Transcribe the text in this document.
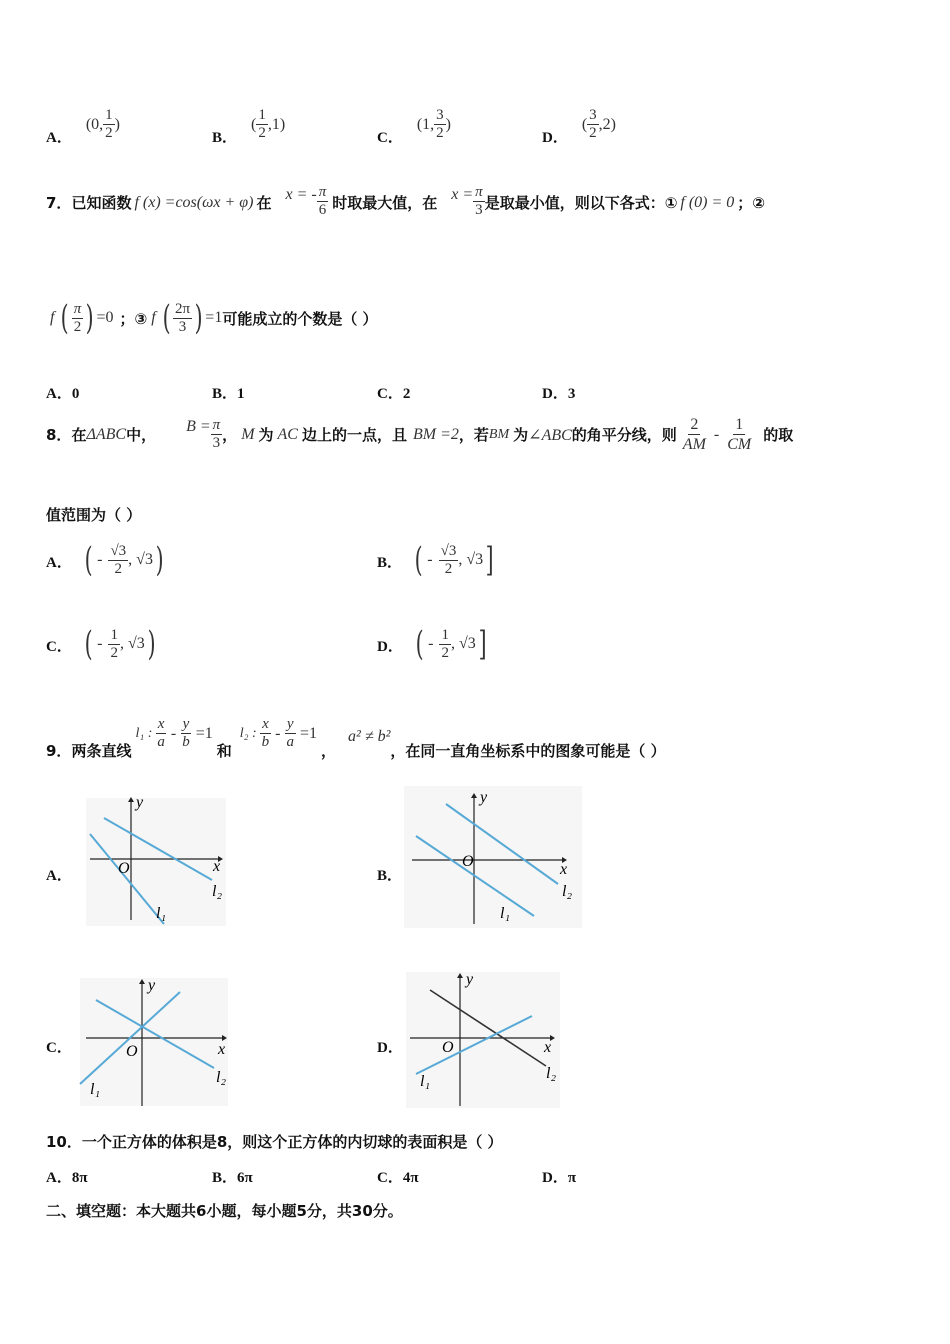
A．
(0, $\frac{1}{2}$ )
B．
( $\frac{1}{2} ,1$)
C．
(1, $\frac{3}{2}$ )
D．
( $\frac{3}{2} ,2$)
7． 已知函数 f (x) =cos(ωx + φ) 在 x = - $\frac{\pi}{6}$ 时取最大值，在 $x = \frac{\pi}{3}$ 是取最小值，则以下各式：① f (0) = 0 ；②
f ( $\frac{\pi}{2}$ ) =0 ；③ f ( $\frac{2\pi}{3}$ ) =1 可能成立的个数是（ ）
A．0	B．1	C．2	D．3
8． 在 ΔABC 中， $B = \frac{\pi}{3}$ ， M 为 AC 边上的一点，且 BM =2 ，若 BM 为 ∠ABC 的角平分线，则 $\frac{2}{AM} - \frac{1}{CM}$ 的取
值范围为（ ）
A． ( - $\frac{√3}{2}$ , √3 )	B． ( - $\frac{√3}{2}$ , √3 ]
C． ( - $\frac{1}{2}$ , √3 )	D． ( - $\frac{1}{2}$ , √3 ]
9． 两条直线
l₁ : $\frac{x}{a} - \frac{y}{b} =1$
和
l₂ : $\frac{x}{b} - \frac{y}{a} =1$
，
a² ≠ b²
，在同一直角坐标系中的图象可能是（ ）
A．
y
x
O
l₂
l₁
B．
y
x
O
l₂
l₁
C．
y
x
O
l₂
l₁
D．
y
x
O
l₂
l₁
10．一个正方体的体积是8，则这个正方体的内切球的表面积是（ ）
A．8π	B．6π	C．4π	D．π
二、填空题：本大题共6小题，每小题5分，共30分。
